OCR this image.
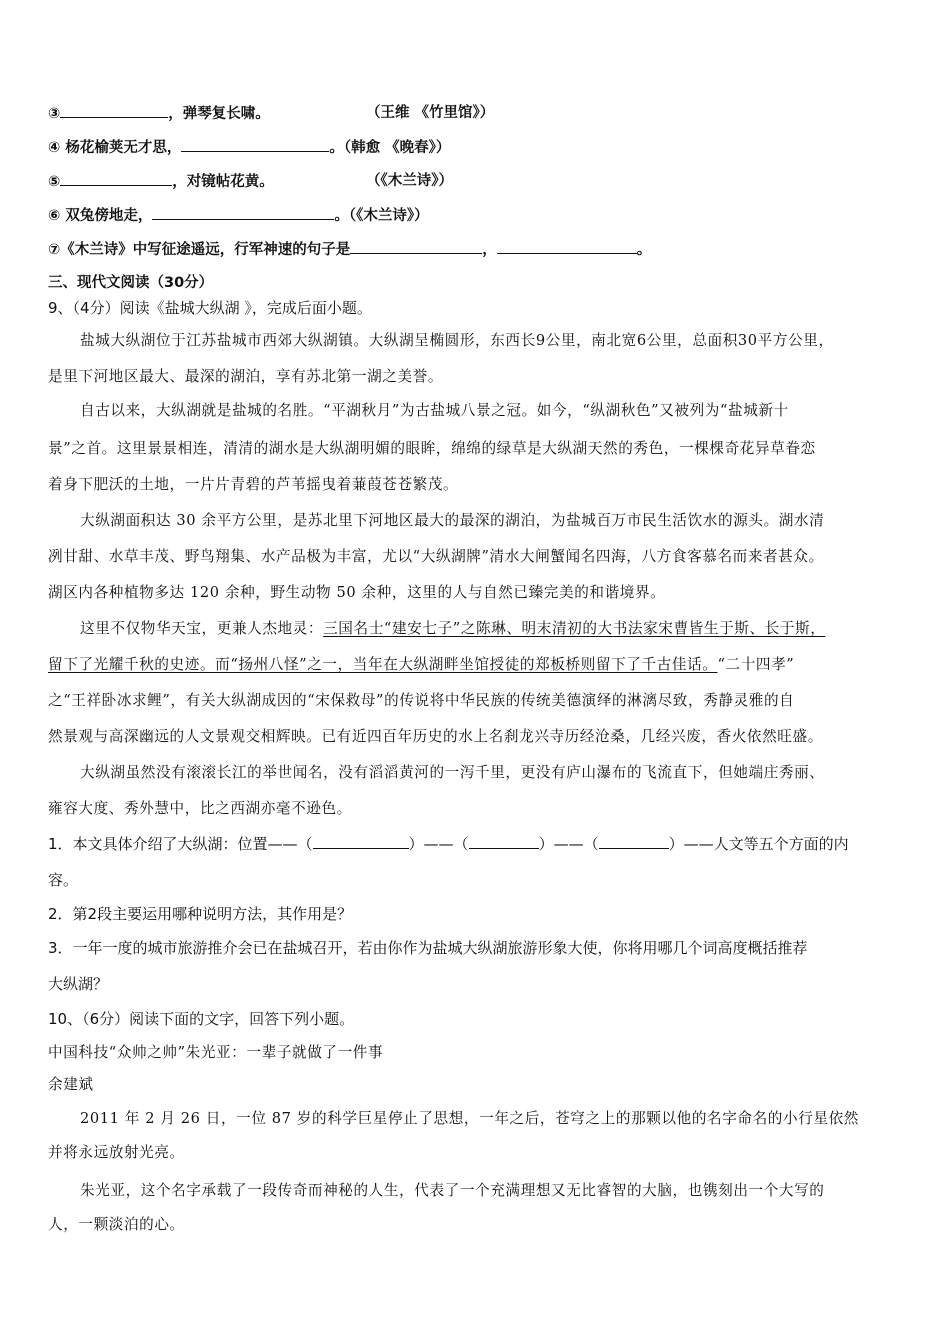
③	，弹琴复长啸。	（王维 《竹里馆》）
④ 杨花榆荚无才思，	。（韩愈 《晚春》）
⑤	，对镜帖花黄。	（《木兰诗》）
⑥ 双兔傍地走，	。（《木兰诗》）
⑦《木兰诗》中写征途遥远，行军神速的句子是	，	。
三、现代文阅读（30分）
9、（4分）阅读《盐城大纵湖 》，完成后面小题。
盐城大纵湖位于江苏盐城市西郊大纵湖镇。大纵湖呈椭圆形，东西长9公里，南北宽6公里，总面积30平方公里，
是里下河地区最大、最深的湖泊，享有苏北第一湖之美誉。
自古以来，大纵湖就是盐城的名胜。“平湖秋月”为古盐城八景之冠。如今，“纵湖秋色”又被列为“盐城新十
景”之首。这里景景相连，清清的湖水是大纵湖明媚的眼眸，绵绵的绿草是大纵湖天然的秀色，一棵棵奇花异草眷恋
着身下肥沃的土地，一片片青碧的芦苇摇曳着蒹葭苍苍繁茂。
大纵湖面积达 30 余平方公里，是苏北里下河地区最大的最深的湖泊，为盐城百万市民生活饮水的源头。湖水清
冽甘甜、水草丰茂、野鸟翔集、水产品极为丰富，尤以“大纵湖牌”清水大闸蟹闻名四海，八方食客慕名而来者甚众。
湖区内各种植物多达 120 余种，野生动物 50 余种，这里的人与自然已臻完美的和谐境界。
这里不仅物华天宝，更兼人杰地灵：三国名士“建安七子”之陈琳、明末清初的大书法家宋曹皆生于斯、长于斯，
留下了光耀千秋的史迹。而“扬州八怪”之一，当年在大纵湖畔坐馆授徒的郑板桥则留下了千古佳话。“二十四孝”
之“王祥卧冰求鲤”，有关大纵湖成因的“宋保救母”的传说将中华民族的传统美德演绎的淋漓尽致，秀静灵雅的自
然景观与高深幽远的人文景观交相辉映。已有近四百年历史的水上名刹龙兴寺历经沧桑，几经兴废，香火依然旺盛。
大纵湖虽然没有滚滚长江的举世闻名，没有滔滔黄河的一泻千里，更没有庐山瀑布的飞流直下，但她端庄秀丽、
雍容大度、秀外慧中，比之西湖亦毫不逊色。
1．本文具体介绍了大纵湖：位置——（	）——（	）——（	）——人文等五个方面的内
容。
2．第2段主要运用哪种说明方法，其作用是？
3．一年一度的城市旅游推介会已在盐城召开，若由你作为盐城大纵湖旅游形象大使，你将用哪几个词高度概括推荐
大纵湖？
10、（6分）阅读下面的文字，回答下列小题。
中国科技“众帅之帅”朱光亚：一辈子就做了一件事
余建斌
2011 年 2 月 26 日，一位 87 岁的科学巨星停止了思想，一年之后，苍穹之上的那颗以他的名字命名的小行星依然
并将永远放射光亮。
朱光亚，这个名字承载了一段传奇而神秘的人生，代表了一个充满理想又无比睿智的大脑，也镌刻出一个大写的
人，一颗淡泊的心。
